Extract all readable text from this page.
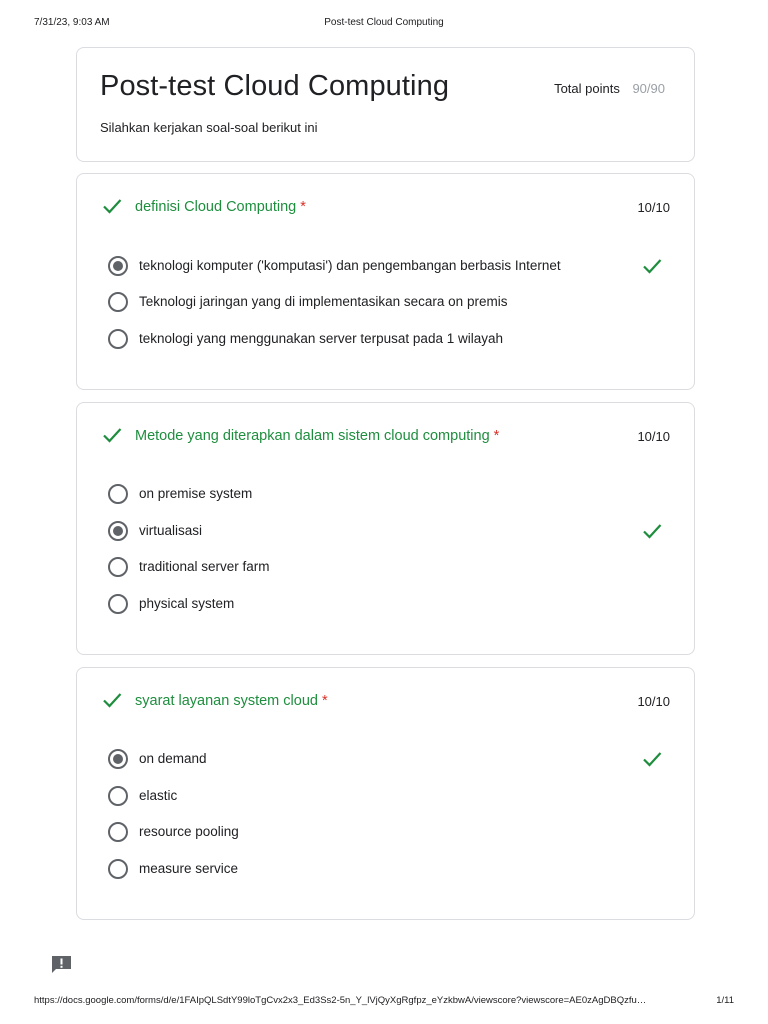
7/31/23, 9:03 AM	Post-test Cloud Computing
Post-test Cloud Computing	Total points 90/90
Silahkan kerjakan soal-soal berikut ini
definisi Cloud Computing *	10/10
teknologi komputer ('komputasi') dan pengembangan berbasis Internet
Teknologi jaringan yang di implementasikan secara on premis
teknologi yang menggunakan server terpusat pada 1 wilayah
Metode yang diterapkan dalam sistem cloud computing *	10/10
on premise system
virtualisasi
traditional server farm
physical system
syarat layanan system cloud *	10/10
on demand
elastic
resource pooling
measure service
https://docs.google.com/forms/d/e/1FAIpQLSdtY99loTgCvx2x3_Ed3Ss2-5n_Y_lVjQyXgRgfpz_eYzkbwA/viewscore?viewscore=AE0zAgDBQzfu…	1/11
